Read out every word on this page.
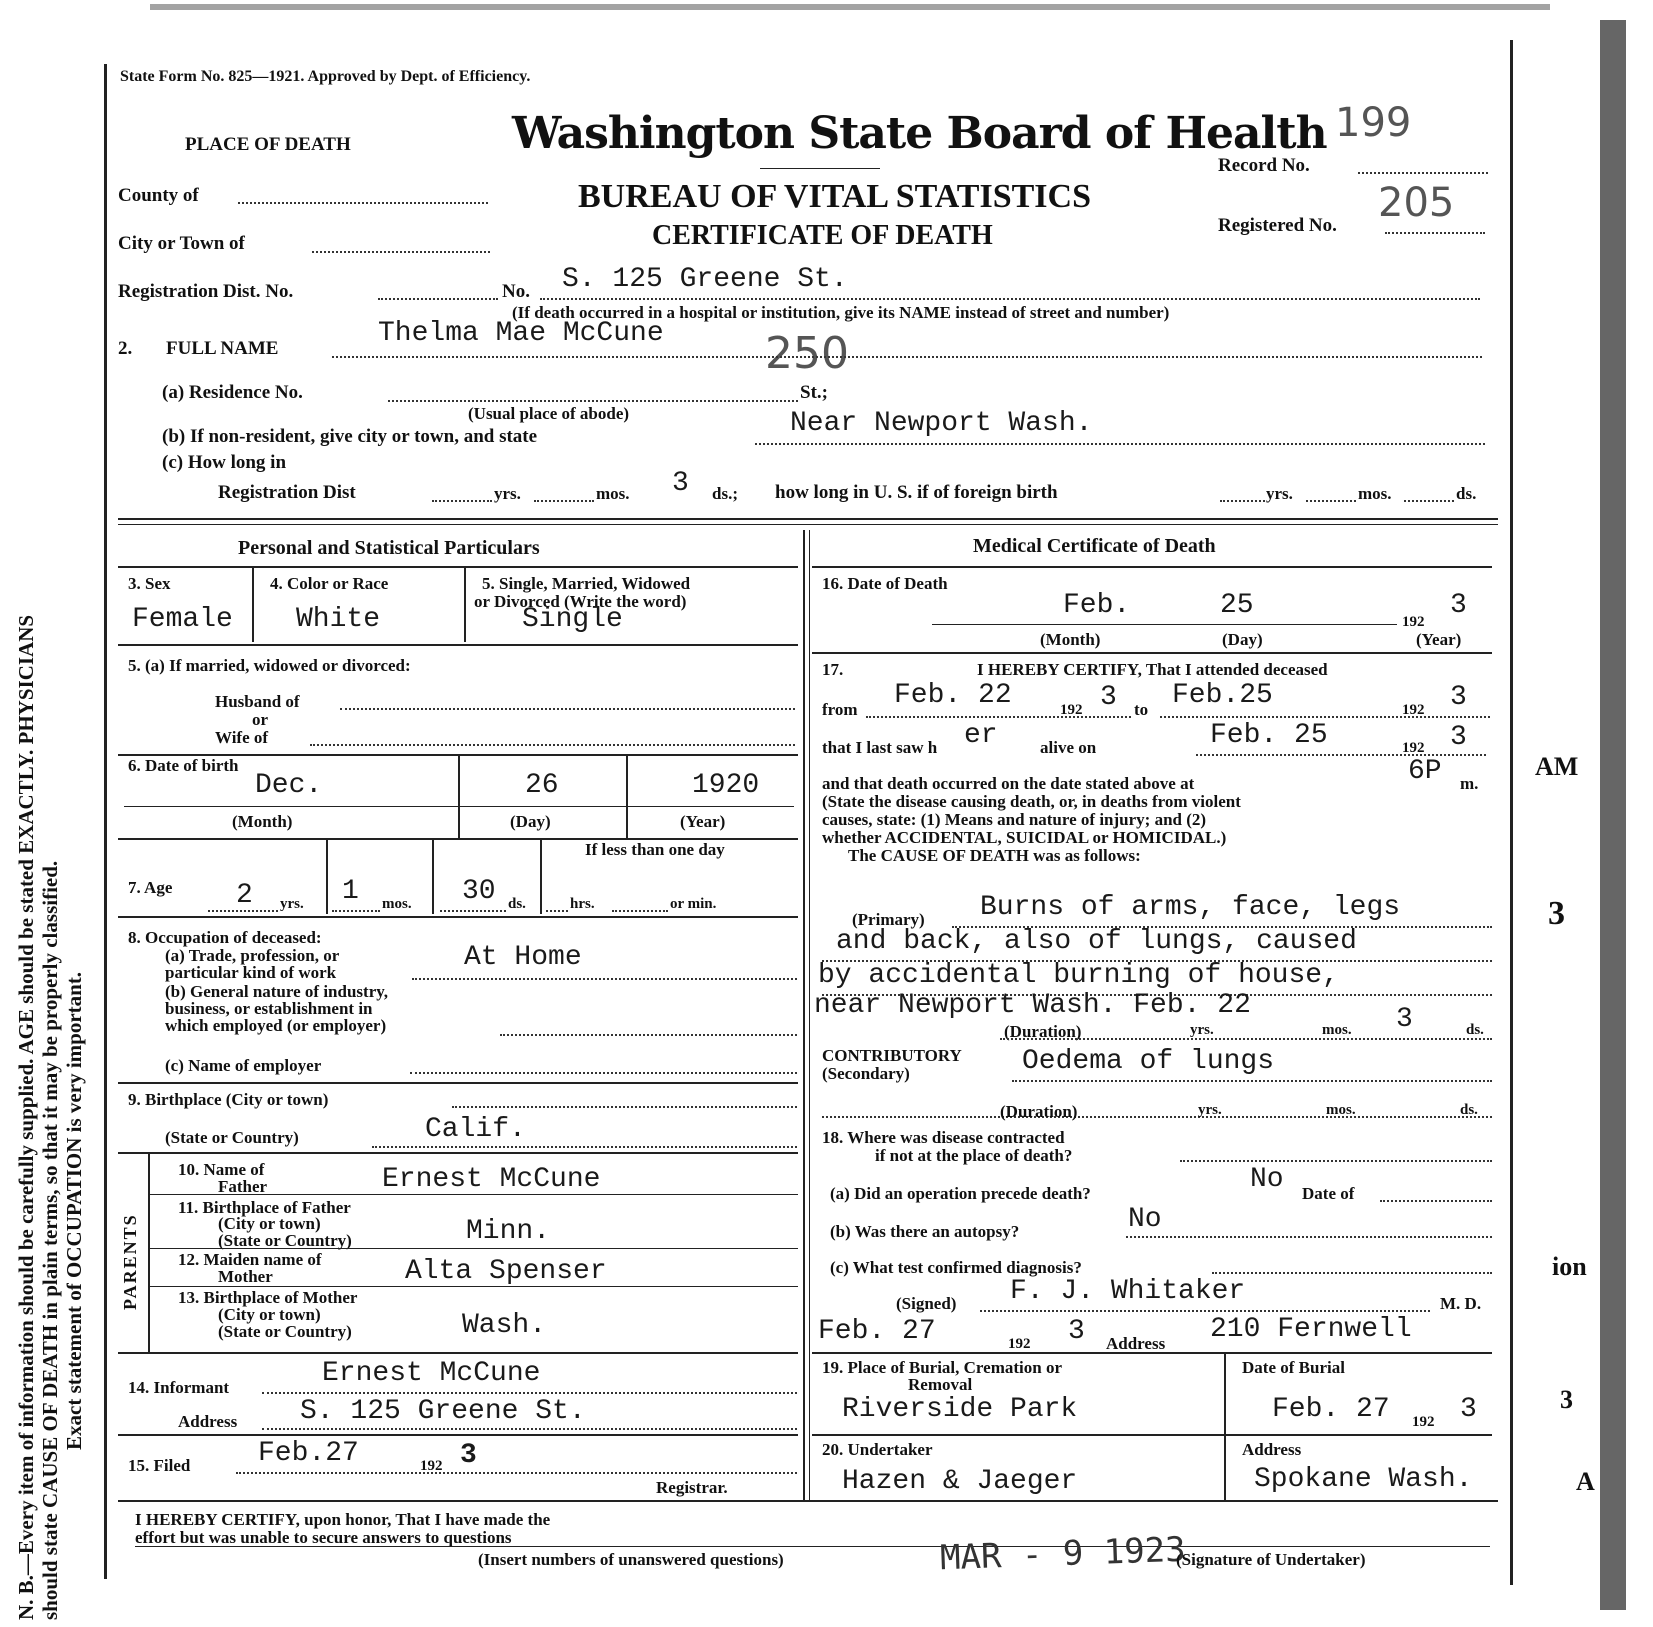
N. B.—Every item of information should be carefully supplied. AGE should be stated EXACTLY. PHYSICIANS should state CAUSE OF DEATH in plain terms, so that it may be properly classified. Exact statement of OCCUPATION is very important.
AM
3
ion
3
A
State Form No. 825—1921. Approved by Dept. of Efficiency.
PLACE OF DEATH	Washington State Board of Health 199
Record No.
BUREAU OF VITAL STATISTICS
CERTIFICATE OF DEATH	Registered No. 205
County of
City or Town of
Registration Dist. No.	No. S. 125 Greene St.
(If death occurred in a hospital or institution, give its NAME instead of street and number)
2. FULL NAME	Thelma Mae McCune 250
(a) Residence No.	St.;
(Usual place of abode)
(b) If non-resident, give city or town, and state	Near Newport Wash.
(c) How long in
Registration Dist	yrs.	mos. 3 ds.; how long in U. S. if of foreign birth	yrs.	mos.	ds.
Personal and Statistical Particulars
3. Sex
Female
4. Color or Race
White
5. Single, Married, Widowed
or Divorced (Write the word)
Single
5. (a) If married, widowed or divorced:
Husband of
or
Wife of
6. Date of birth
Dec.	26	1920
(Month)	(Day)	(Year)
If less than one day
7. Age 2 yrs. 1 mos. 30 ds.	hrs.	or min.
8. Occupation of deceased:
(a) Trade, profession, or
particular kind of work	At Home
(b) General nature of industry,
business, or establishment in
which employed (or employer)
(c) Name of employer
9. Birthplace (City or town)
(State or Country)	Calif.
PARENTS
10. Name of
Father	Ernest McCune
11. Birthplace of Father
(City or town)
(State or Country)	Minn.
12. Maiden name of
Mother	Alta Spenser
13. Birthplace of Mother
(City or town)
(State or Country)	Wash.
14. Informant	Ernest McCune
Address S. 125 Greene St.
15. Filed Feb.27	192 3
Registrar.
Medical Certificate of Death
16. Date of Death
Feb.	25
192
3
(Month)	(Day)	(Year)
17.	I HEREBY CERTIFY, That I attended deceased
from Feb. 22	192 3 to Feb.25	192 3
that I last saw h er alive on	Feb. 25	192 3
and that death occurred on the date stated above at	6P m.
(State the disease causing death, or, in deaths from violent
causes, state: (1) Means and nature of injury; and (2)
whether ACCIDENTAL, SUICIDAL or HOMICIDAL.)
The CAUSE OF DEATH was as follows:
(Primary) Burns of arms, face, legs
and back, also of lungs, caused
by accidental burning of house,
near Newport Wash. Feb. 22
(Duration)	yrs.	mos. 3	ds.
CONTRIBUTORY
(Secondary)	Oedema of lungs
(Duration)	yrs.	mos.	ds.
18. Where was disease contracted
if not at the place of death?
(a) Did an operation precede death?	No Date of
(b) Was there an autopsy?	No
(c) What test confirmed diagnosis?
(Signed) F. J. Whitaker	M. D.
Feb. 27	192 3 Address 210 Fernwell
19. Place of Burial, Cremation or
Removal
Riverside Park
Date of Burial
Feb. 27 192 3
20. Undertaker
Hazen & Jaeger
Address
Spokane Wash.
I HEREBY CERTIFY, upon honor, That I have made the
effort but was unable to secure answers to questions
(Insert numbers of unanswered questions)	MAR - 9 1923
(Signature of Undertaker)
